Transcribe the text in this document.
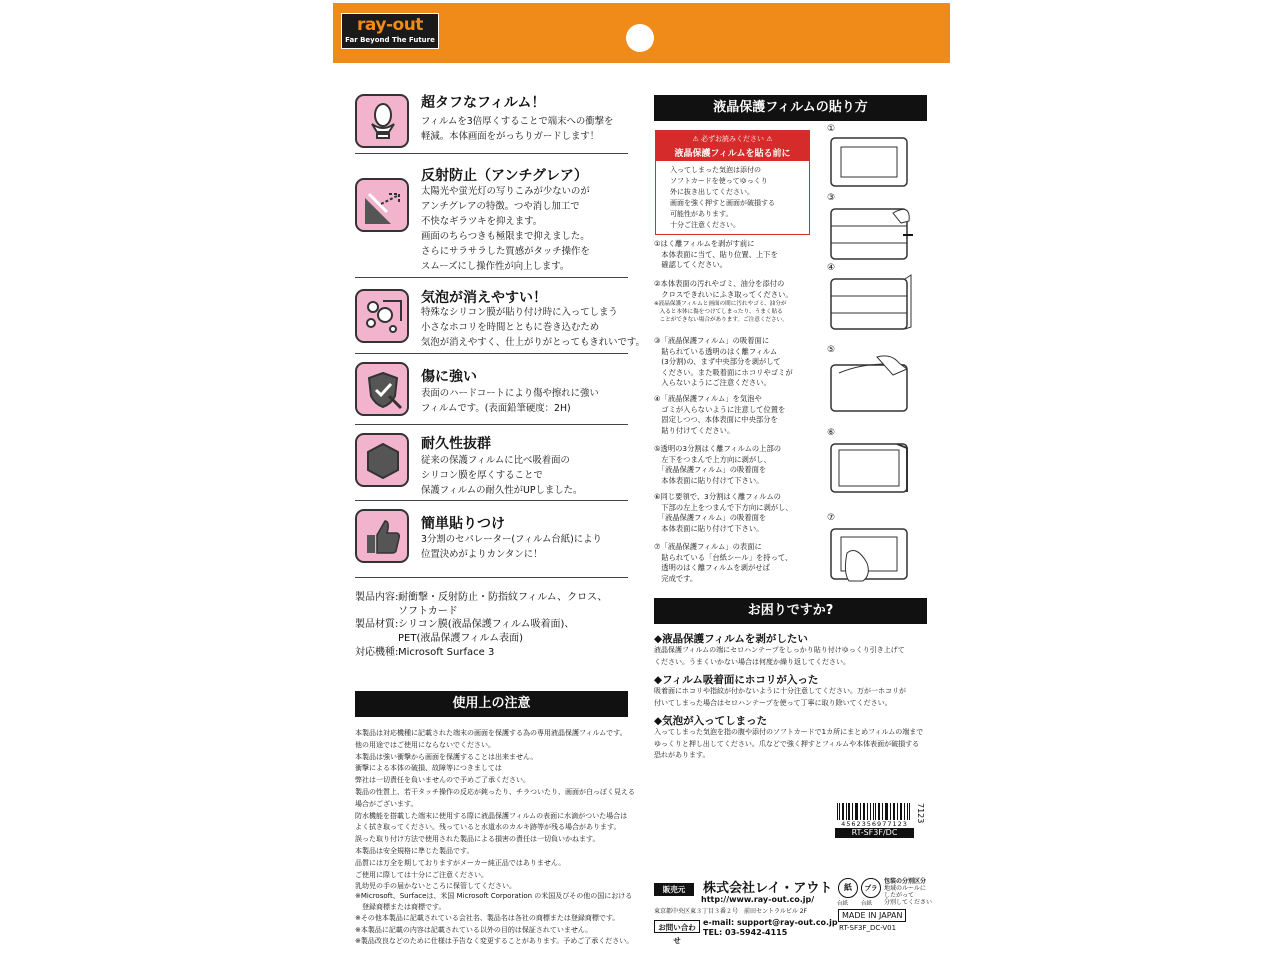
ray-out
Far Beyond The Future
超タフなフィルム！
フィルムを3倍厚くすることで端末への衝撃を
軽減。本体画面をがっちりガードします！
反射防止（アンチグレア）
太陽光や蛍光灯の写りこみが少ないのが
アンチグレアの特徴。つや消し加工で
不快なギラツキを抑えます。
画面のちらつきも極限まで抑えました。
さらにサラサラした質感がタッチ操作を
スムーズにし操作性が向上します。
気泡が消えやすい！
特殊なシリコン膜が貼り付け時に入ってしまう
小さなホコリを時間とともに巻き込むため
気泡が消えやすく、仕上がりがとってもきれいです。
傷に強い
表面のハードコートにより傷や擦れに強い
フィルムです。(表面鉛筆硬度：2H)
耐久性抜群
従来の保護フィルムに比べ吸着面の
シリコン膜を厚くすることで
保護フィルムの耐久性がUPしました。
簡単貼りつけ
3分割のセパレーター(フィルム台紙)により
位置決めがよりカンタンに！
製品内容:耐衝撃・反射防止・防指紋フィルム、クロス、
ソフトカード
製品材質:シリコン膜(液晶保護フィルム吸着面)、
PET(液晶保護フィルム表面)
対応機種:Microsoft Surface 3
使用上の注意
本製品は対応機種に記載された端末の画面を保護する為の専用液晶保護フィルムです。
他の用途ではご使用にならないでください。
本製品は強い衝撃から画面を保護することは出来ません。
衝撃による本体の破損、故障等につきましては
弊社は一切責任を負いませんので予めご了承ください。
製品の性質上、若干タッチ操作の反応が鈍ったり、チラついたり、画面が白っぽく見える
場合がございます。
防水機能を搭載した端末に使用する際に液晶保護フィルムの表面に水滴がついた場合は
よく拭き取ってください。残っていると水道水のカルキ跡等が残る場合があります。
誤った取り付け方法で使用された製品による損害の責任は一切負いかねます。
本製品は安全規格に準じた製品です。
品質には万全を期しておりますがメーカー純正品ではありません。
ご使用に際しては十分にご注意ください。
乳幼児の手の届かないところに保管してください。
※Microsoft、Surfaceは、米国 Microsoft Corporation の米国及びその他の国における
　登録商標または商標です。
※その他本製品に記載されている会社名、製品名は各社の商標または登録商標です。
※本製品に記載の内容は記載されている以外の目的は保証されていません。
※製品改良などのために仕様は予告なく変更することがあります。予めご了承ください。
液晶保護フィルムの貼り方
⚠ 必ずお読みください ⚠
液晶保護フィルムを貼る前に
入ってしまった気泡は添付の
ソフトカードを使ってゆっくり
外に抜き出してください。
画面を強く押すと画面が破損する
可能性があります。
十分ご注意ください。
①はく離フィルムを剥がす前に
　本体表面に当て、貼り位置、上下を
　確認してください。
②本体表面の汚れやゴミ、油分を添付の
　クロスできれいにふき取ってください。
※液晶保護フィルムと画面の間に汚れやゴミ、油分が
　入ると本体に傷をつけてしまったり、うまく貼る
　ことができない場合があります。ご注意ください。
③「液晶保護フィルム」の吸着面に
　貼られている透明のはく離フィルム
　(3分割)の、まず中央部分を剥がして
　ください。また吸着面にホコリやゴミが
　入らないようにご注意ください。
④「液晶保護フィルム」を気泡や
　ゴミが入らないように注意して位置を
　固定しつつ、本体表面に中央部分を
　貼り付けてください。
⑤透明の3分割はく離フィルムの上部の
　左下をつまんで上方向に剥がし、
　「液晶保護フィルム」の吸着面を
　本体表面に貼り付けて下さい。
⑥同じ要領で、3分割はく離フィルムの
　下部の左上をつまんで下方向に剥がし、
　「液晶保護フィルム」の吸着面を
　本体表面に貼り付けて下さい。
⑦「液晶保護フィルム」の表面に
　貼られている「台紙シール」を持って、
　透明のはく離フィルムを剥がせば
　完成です。
①
③
④
⑤
⑥
⑦
お困りですか?
◆液晶保護フィルムを剥がしたい
液晶保護フィルムの端にセロハンテープをしっかり貼り付けゆっくり引き上げて
ください。うまくいかない場合は何度か繰り返してください。
◆フィルム吸着面にホコリが入った
吸着面にホコリや指紋が付かないように十分注意してください。万が一ホコリが
付いてしまった場合はセロハンテープを使って丁寧に取り除いてください。
◆気泡が入ってしまった
入ってしまった気泡を指の腹や添付のソフトカードで1カ所にまとめフィルムの端まで
ゆっくりと押し出してください。爪などで強く押すとフィルムや本体表面が破損する
恐れがあります。
4562356977123
RT-SF3F/DC
7123
販売元	株式会社レイ・アウト
http://www.ray-out.co.jp/
東京都中央区東３丁目３番２号　前田セントラルビル 2F
お問い合わせ
e-mail: support@ray-out.co.jp
TEL: 03-5942-4115
紙
台紙
プラ
台紙
包装の分別区分
地域のルールに
したがって
分別してください
MADE IN JAPAN
RT-SF3F_DC-V01
